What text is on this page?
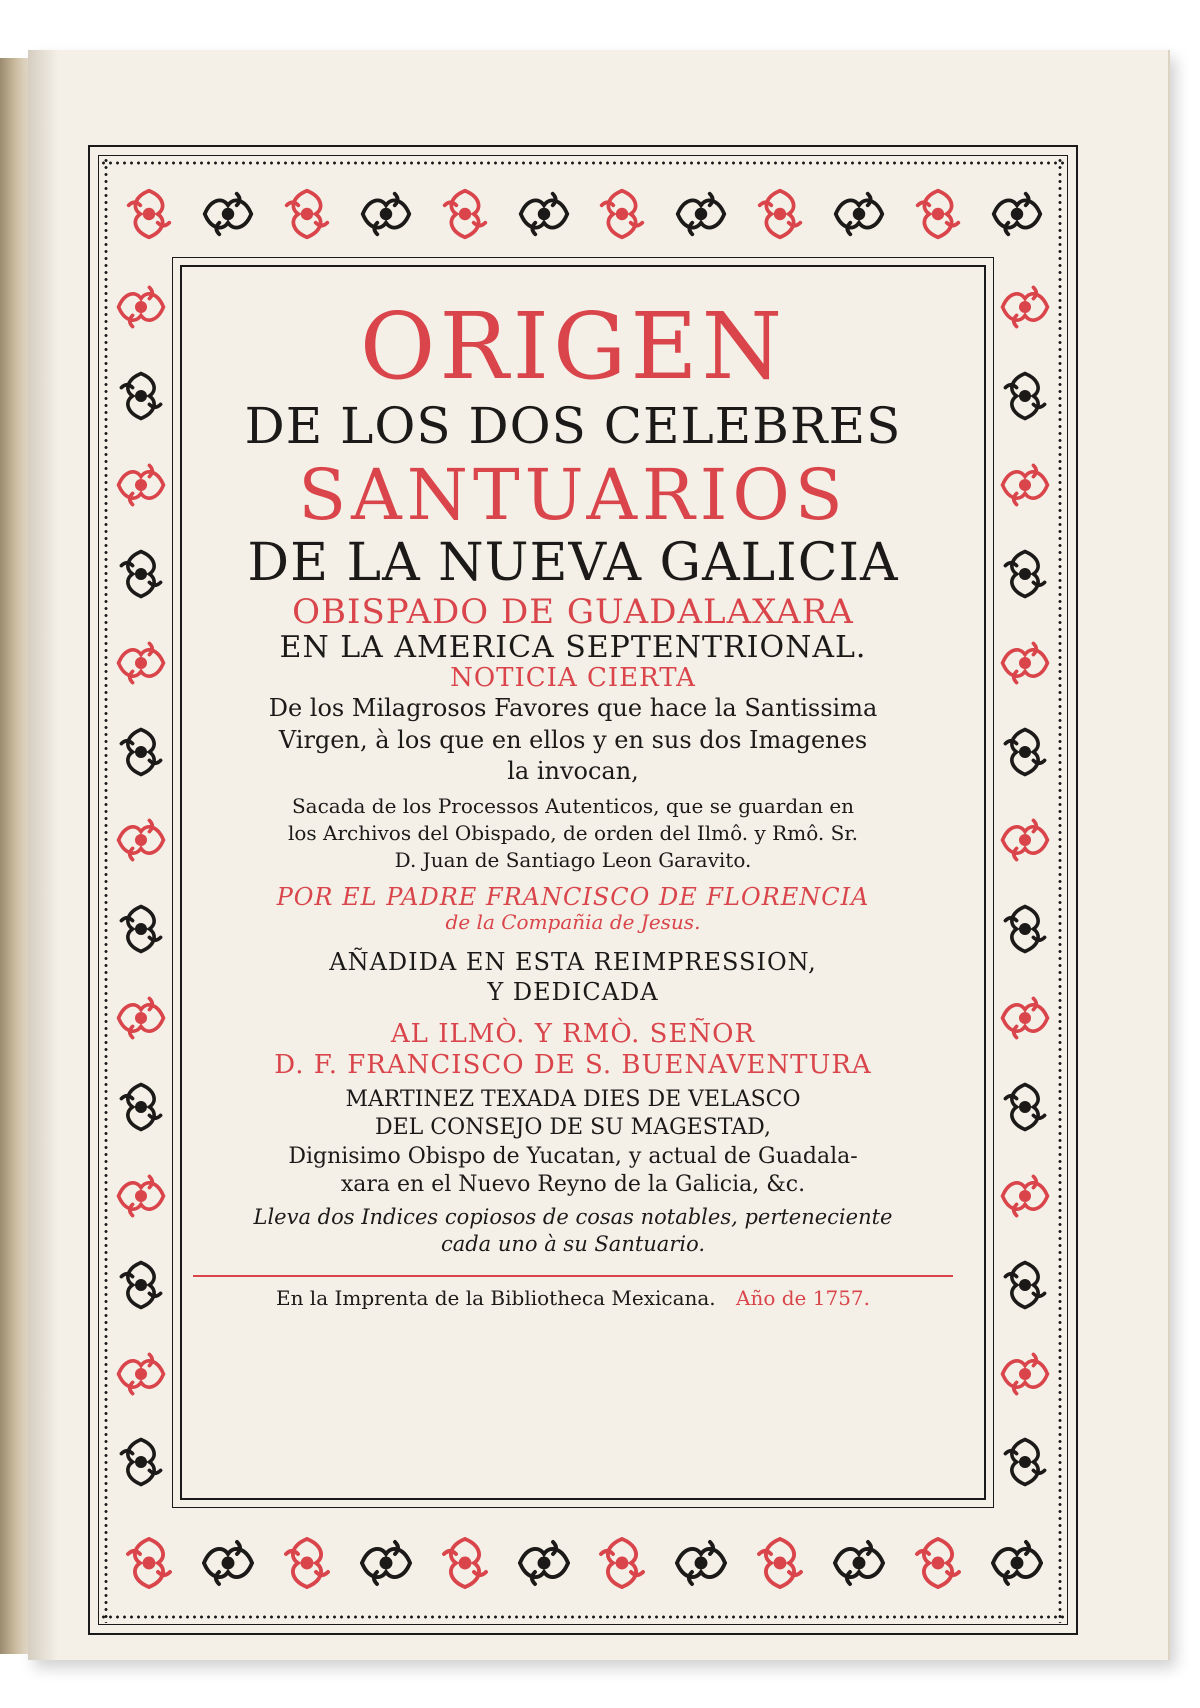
ORIGEN

DE LOS DOS CELEBRES

SANTUARIOS

DE LA NUEVA GALICIA

OBISPADO DE GUADALAXARA

EN LA AMERICA SEPTENTRIONAL.

NOTICIA CIERTA

De los Milagrosos Favores que hace la Santissima

Virgen, à los que en ellos y en sus dos Imagenes

la invocan,

Sacada de los Processos Autenticos, que se guardan en

los Archivos del Obispado, de orden del Ilmô. y Rmô. Sr.

D. Juan de Santiago Leon Garavito.

POR EL PADRE FRANCISCO DE FLORENCIA

de la Compañia de Jesus.

AÑADIDA EN ESTA REIMPRESSION,

Y DEDICADA

AL ILMÒ. Y RMÒ. SEÑOR

D. F. FRANCISCO DE S. BUENAVENTURA

MARTINEZ TEXADA DIES DE VELASCO

DEL CONSEJO DE SU MAGESTAD,

Dignisimo Obispo de Yucatan, y actual de Guadala-

xara en el Nuevo Reyno de la Galicia, &c.

Lleva dos Indices copiosos de cosas notables, perteneciente

cada uno à su Santuario.

En la Imprenta de la Bibliotheca Mexicana. Año de 1757.
